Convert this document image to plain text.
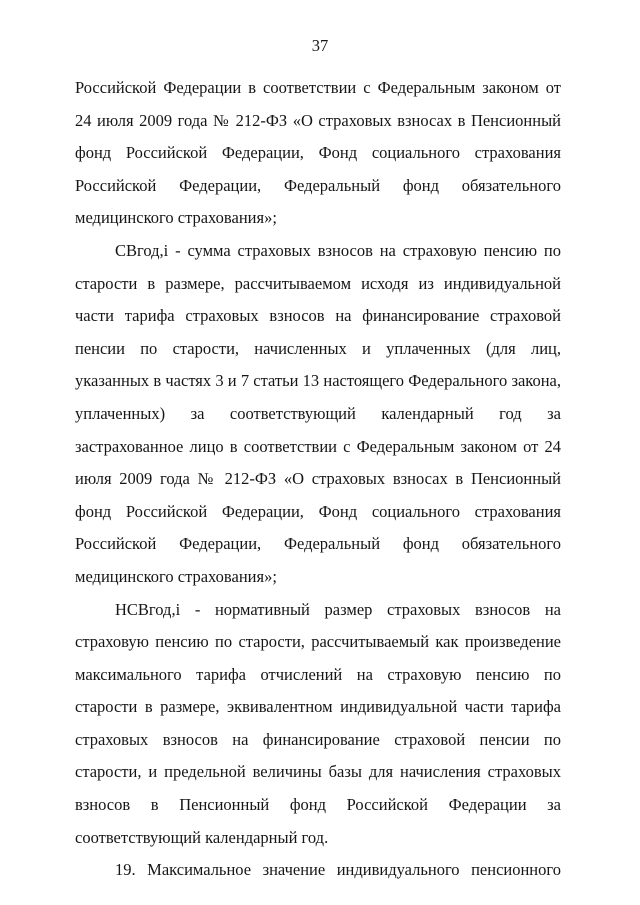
37

Российской Федерации в соответствии с Федеральным законом от 24 июля 2009 года № 212-ФЗ «О страховых взносах в Пенсионный фонд Российской Федерации, Фонд социального страхования Российской Федерации, Федеральный фонд обязательного медицинского страхования»;

СВгод,i - сумма страховых взносов на страховую пенсию по старости в размере, рассчитываемом исходя из индивидуальной части тарифа страховых взносов на финансирование страховой пенсии по старости, начисленных и уплаченных (для лиц, указанных в частях 3 и 7 статьи 13 настоящего Федерального закона, уплаченных) за соответствующий календарный год за застрахованное лицо в соответствии с Федеральным законом от 24 июля 2009 года № 212-ФЗ «О страховых взносах в Пенсионный фонд Российской Федерации, Фонд социального страхования Российской Федерации, Федеральный фонд обязательного медицинского страхования»;

НСВгод,i - нормативный размер страховых взносов на страховую пенсию по старости, рассчитываемый как произведение максимального тарифа отчислений на страховую пенсию по старости в размере, эквивалентном индивидуальной части тарифа страховых взносов на финансирование страховой пенсии по старости, и предельной величины базы для начисления страховых взносов в Пенсионный фонд Российской Федерации за соответствующий календарный год.

19. Максимальное значение индивидуального пенсионного
